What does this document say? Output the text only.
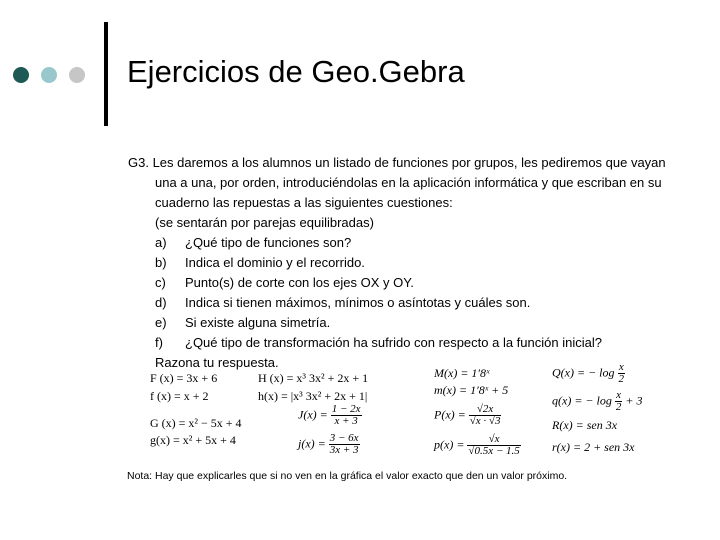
Ejercicios de Geo.Gebra

G3. Les daremos a los alumnos un listado de funciones por grupos, les pediremos que vayan una a una, por orden, introduciéndolas en la aplicación informática y que escriban en su cuaderno las repuestas a las siguientes cuestiones:

(se sentarán por parejas equilibradas)

a) ¿Qué tipo de funciones son?

b) Indica el dominio y el recorrido.

c) Punto(s) de corte con los ejes OX y OY.

d) Indica si tienen máximos, mínimos o asíntotas y cuáles son.

e) Si existe alguna simetría.

f) ¿Qué tipo de transformación ha sufrido con respecto a la función inicial?

Razona tu respuesta.

F (x) = 3x + 6
f (x) = x + 2
G (x) = x² − 5x + 4
g(x) = x² + 5x + 4
H (x) = x³ 3x² + 2x + 1
h(x) = |x³ 3x² + 2x + 1|
$J(x) = \frac{1 - 2x}{x + 3}$
$j(x) = \frac{3 - 6x}{3x + 3}$
M(x) = 1′8ˣ
m(x) = 1′8ˣ + 5
$P(x) = \frac{√2x}{√x \cdot √3}$
$p(x) = \frac{√x}{√0.5x - 1.5}$
Q(x) = − $\log \frac{x}{2}$
q(x) = − $\log \frac{x}{2} + 3$
R(x) = sen 3x
r(x) = 2 + sen 3x
Nota: Hay que explicarles que si no ven en la gráfica el valor exacto que den un valor próximo.
